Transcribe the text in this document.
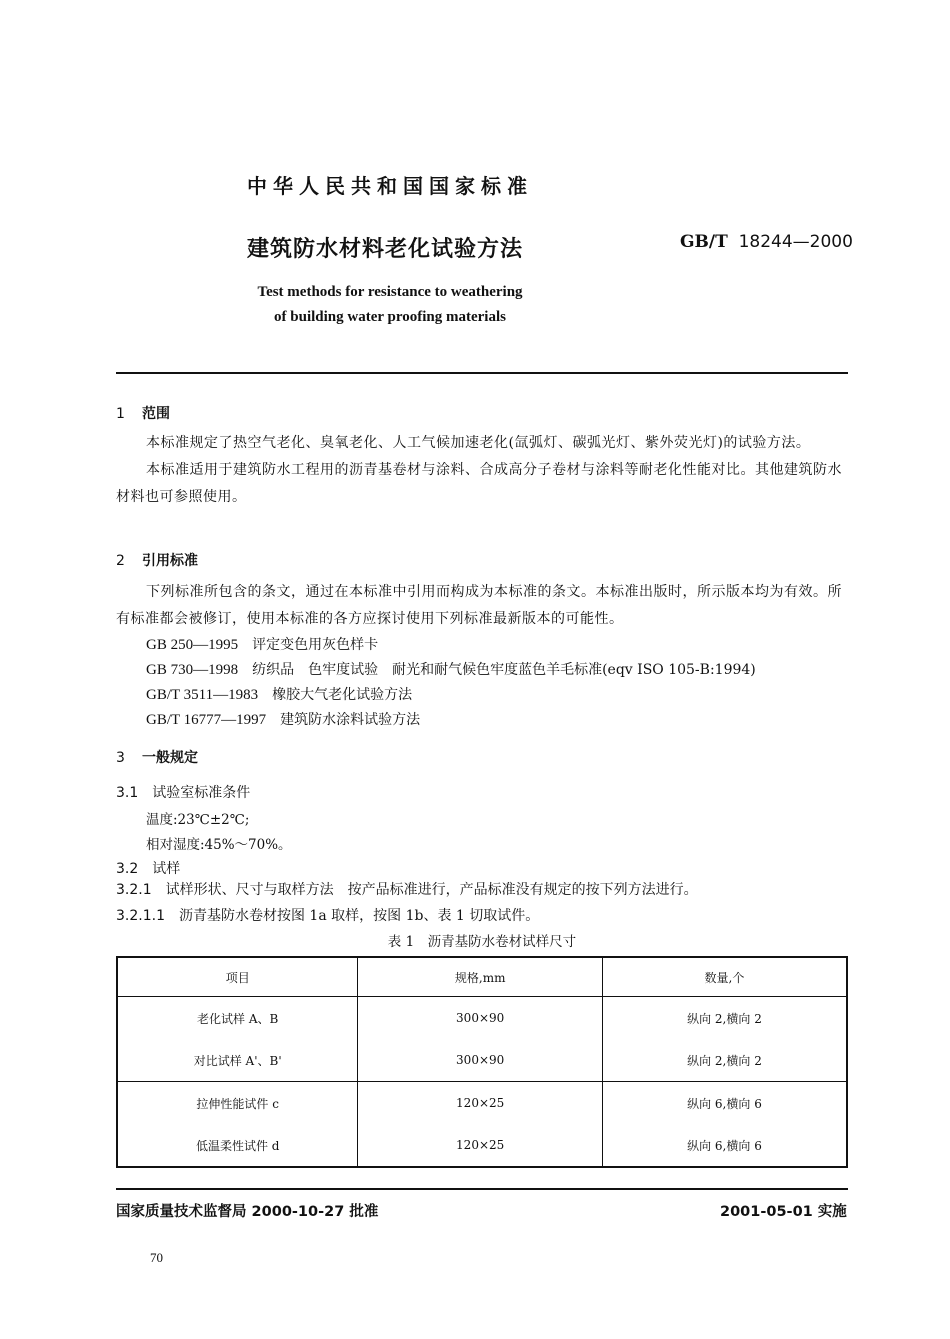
中华人民共和国国家标准
建筑防水材料老化试验方法	GB/T 18244—2000
Test methods for resistance to weathering
of building water proofing materials
1 范围

本标准规定了热空气老化、臭氧老化、人工气候加速老化(氙弧灯、碳弧光灯、紫外荧光灯)的试验方法。

本标准适用于建筑防水工程用的沥青基卷材与涂料、合成高分子卷材与涂料等耐老化性能对比。其他建筑防水材料也可参照使用。

2 引用标准

下列标准所包含的条文，通过在本标准中引用而构成为本标准的条文。本标准出版时，所示版本均为有效。所有标准都会被修订，使用本标准的各方应探讨使用下列标准最新版本的可能性。

GB 250—1995 评定变色用灰色样卡
GB 730—1998 纺织品　色牢度试验　耐光和耐气候色牢度蓝色羊毛标准(eqv ISO 105-B:1994)
GB/T 3511—1983 橡胶大气老化试验方法
GB/T 16777—1997 建筑防水涂料试验方法
3 一般规定
3.1 试验室标准条件
温度:23℃±2℃;
相对湿度:45%～70%。
3.2 试样
3.2.1 试样形状、尺寸与取样方法　按产品标准进行，产品标准没有规定的按下列方法进行。
3.2.1.1 沥青基防水卷材按图 1a 取样，按图 1b、表 1 切取试件。
表 1　沥青基防水卷材试样尺寸
项目	规格,mm	数量,个
老化试样 A、B	300×90	纵向 2,横向 2
对比试样 A'、B'	300×90	纵向 2,横向 2
拉伸性能试件 c	120×25	纵向 6,横向 6
低温柔性试件 d	120×25	纵向 6,横向 6
国家质量技术监督局 2000-10-27 批准	2001-05-01 实施
70
